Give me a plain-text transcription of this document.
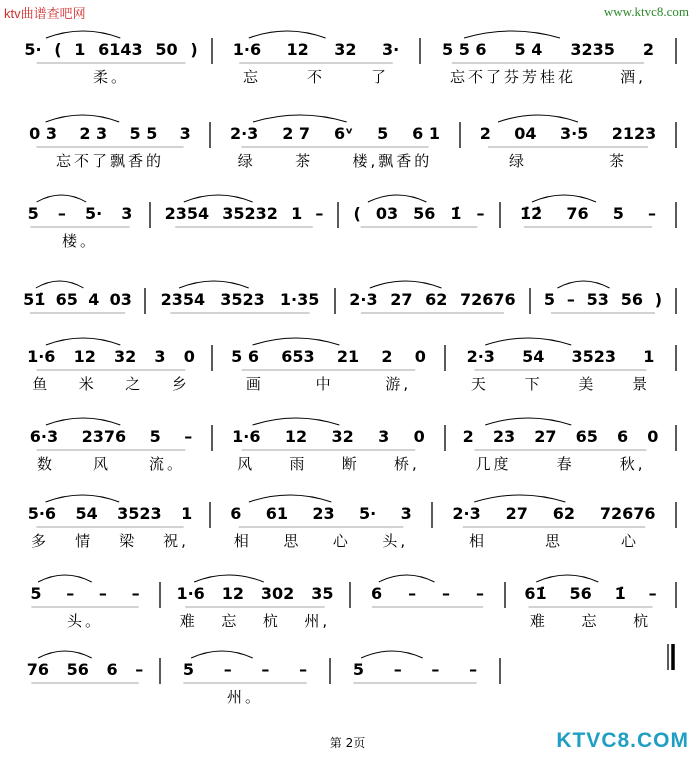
ktv曲谱查吧网	www.ktvc8.com
KTVC8.COM
5· ( 1 6143 50 )
柔。
1·6 12 32 3·
忘	不	了
5 5 6 5 4 3235 2
忘不了芬芳桂花	酒,
0 3 2 3 5 5 3
忘不了飘香的
2·3 2 7 6ᵛ 5 6 1
绿	茶	楼,飘香的
2 04 3·5 2123
绿	茶
5 – 5· 3
楼。
2354 35232 1 – ( 03 56 1̇ – 1̇2̇ 76 5 –
51̇ 65 4 03 2354 3523 1·35 2·3 27 62 72676 5 – 53 56 )
1·6 12 32 3 0
鱼 米 之 乡
5 6 653 21 2 0
画	中	游,
2·3 54 3523 1
天 下 美 景
6·3 2376 5 –
数	风	流。
1·6 12 32 3 0
风 雨 断 桥,
2 23 27 65 6 0
几度	春	秋,
5·6 54 3523 1
多 情 梁 祝,
6 61 23 5· 3
相 思 心 头,
2·3 27 62 72676
相	思	心
5 – – –
头。
1·6 12 302 35
难 忘 杭 州,
6 – – –	61̇ 56 1̇ –
难 忘 杭
76 56 6 – 5 – – –
州。
5 – – –
第 2页
